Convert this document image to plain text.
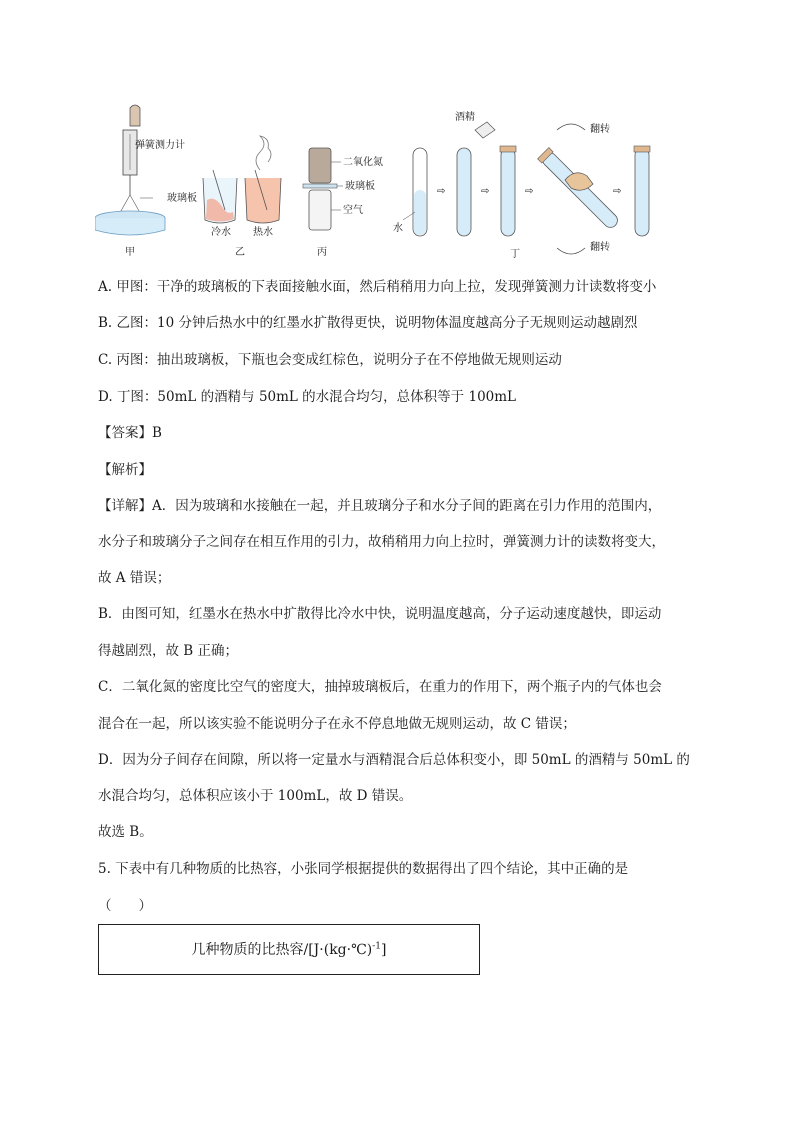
弹簧测力计
玻璃板
甲
冷水 热水
乙
二氧化氮
玻璃板
空气
丙
水
⇨
酒精
⇨	⇨
翻转
翻转
⇨
丁
A. 甲图：干净的玻璃板的下表面接触水面，然后稍稍用力向上拉，发现弹簧测力计读数将变小
B. 乙图：10 分钟后热水中的红墨水扩散得更快，说明物体温度越高分子无规则运动越剧烈
C. 丙图：抽出玻璃板，下瓶也会变成红棕色，说明分子在不停地做无规则运动
D. 丁图：50mL 的酒精与 50mL 的水混合均匀，总体积等于 100mL
【答案】B
【解析】
【详解】A．因为玻璃和水接触在一起，并且玻璃分子和水分子间的距离在引力作用的范围内，
水分子和玻璃分子之间存在相互作用的引力，故稍稍用力向上拉时，弹簧测力计的读数将变大，
故 A 错误；
B．由图可知，红墨水在热水中扩散得比冷水中快，说明温度越高，分子运动速度越快，即运动
得越剧烈，故 B 正确；
C．二氧化氮的密度比空气的密度大，抽掉玻璃板后，在重力的作用下，两个瓶子内的气体也会
混合在一起，所以该实验不能说明分子在永不停息地做无规则运动，故 C 错误；
D．因为分子间存在间隙，所以将一定量水与酒精混合后总体积变小，即 50mL 的酒精与 50mL 的
水混合均匀，总体积应该小于 100mL，故 D 错误。
故选 B。
5. 下表中有几种物质的比热容，小张同学根据提供的数据得出了四个结论，其中正确的是
（　　）
几种物质的比热容/[J·(kg·℃)$^{-1}$]
